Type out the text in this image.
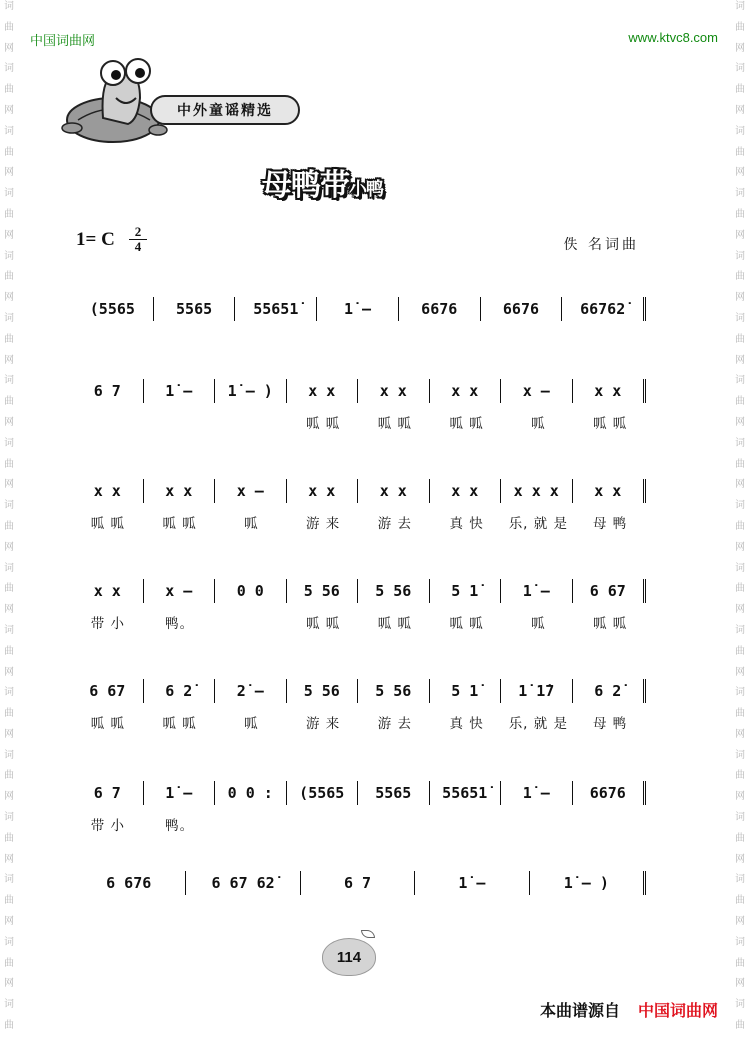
词
曲
网
词
曲
网
词
曲
网
词
曲
网
词
曲
网
词
曲
网
词
曲
网
词
曲
网
词
曲
网
词
曲
网
词
曲
网
词
曲
网
词
曲
网
词
曲
网
词
曲
网
词
曲
网
词
曲
词
曲
网
词
曲
网
词
曲
网
词
曲
网
词
曲
网
词
曲
网
词
曲
网
词
曲
网
词
曲
网
词
曲
网
词
曲
网
词
曲
网
词
曲
网
词
曲
网
词
曲
网
词
曲
网
词
曲
中国词曲网	www.ktvc8.com
中外童谣精选
母鸭带小鸭
1= C	2
4	佚 名词曲
(5565	5565	55651̇	1̇ –	6676	6676	66762̇
6 7	1̇ –	1̇ – )	x x	x x	x x	x –	x x
呱 呱	呱 呱	呱 呱	呱	呱 呱
x x	x x	x –	x x	x x	x x	x x x	x x
呱 呱	呱 呱	呱	游 来	游 去	真 快	乐, 就 是	母 鸭
x x	x –	0 0	5 56	5 56	5 1̇	1̇ –	6 67
带 小	鸭。	呱 呱	呱 呱	呱 呱	呱	呱 呱
6 67	6 2̇	2̇ –	5 56	5 56	5 1̇	1̇ 1̇7	6 2̇
呱 呱	呱 呱	呱	游 来	游 去	真 快	乐, 就 是	母 鸭
6 7	1̇ –	0 0 :	(5565	5565	55651̇	1̇ –	6676
带 小	鸭。
6 676	6 67 62̇	6 7	1̇ –	1̇ – )
114
本曲谱源自 中国词曲网
